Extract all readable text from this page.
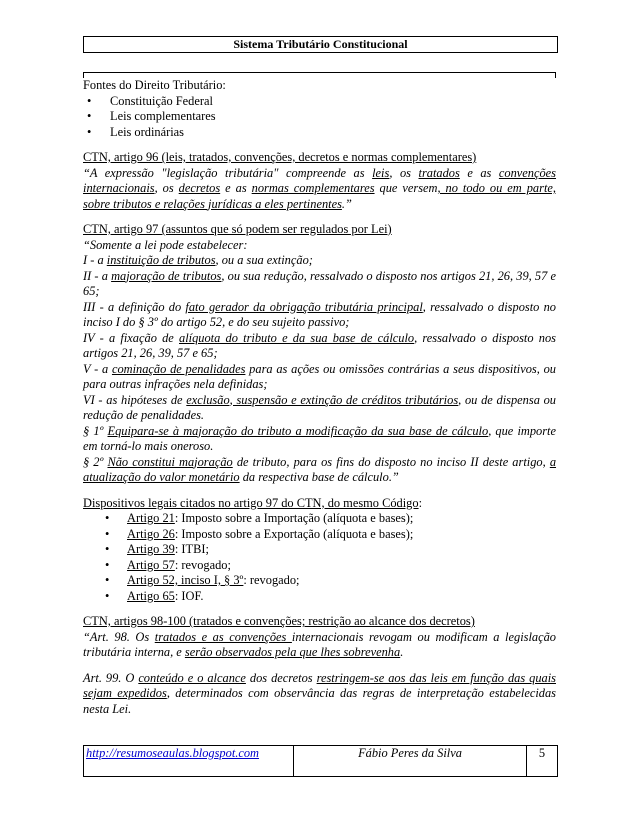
Sistema Tributário Constitucional

Fontes do Direito Tributário:

• Constituição Federal
• Leis complementares
• Leis ordinárias

CTN, artigo 96 (leis, tratados, convenções, decretos e normas complementares)

“A expressão "legislação tributária" compreende as leis, os tratados e as convenções internacionais, os decretos e as normas complementares que versem, no todo ou em parte, sobre tributos e relações jurídicas a eles pertinentes.”

CTN, artigo 97 (assuntos que só podem ser regulados por Lei)

“Somente a lei pode estabelecer:

I - a instituição de tributos, ou a sua extinção;

II - a majoração de tributos, ou sua redução, ressalvado o disposto nos artigos 21, 26, 39, 57 e 65;

III - a definição do fato gerador da obrigação tributária principal, ressalvado o disposto no inciso I do § 3º do artigo 52, e do seu sujeito passivo;

IV - a fixação de alíquota do tributo e da sua base de cálculo, ressalvado o disposto nos artigos 21, 26, 39, 57 e 65;

V - a cominação de penalidades para as ações ou omissões contrárias a seus dispositivos, ou para outras infrações nela definidas;

VI - as hipóteses de exclusão, suspensão e extinção de créditos tributários, ou de dispensa ou redução de penalidades.

§ 1º Equipara-se à majoração do tributo a modificação da sua base de cálculo, que importe em torná-lo mais oneroso.

§ 2º Não constitui majoração de tributo, para os fins do disposto no inciso II deste artigo, a atualização do valor monetário da respectiva base de cálculo.”

Dispositivos legais citados no artigo 97 do CTN, do mesmo Código:

• Artigo 21: Imposto sobre a Importação (alíquota e bases);
• Artigo 26: Imposto sobre a Exportação (alíquota e bases);
• Artigo 39: ITBI;
• Artigo 57: revogado;
• Artigo 52, inciso I, § 3º: revogado;
• Artigo 65: IOF.

CTN, artigos 98-100 (tratados e convenções; restrição ao alcance dos decretos)

“Art. 98. Os tratados e as convenções internacionais revogam ou modificam a legislação tributária interna, e serão observados pela que lhes sobrevenha.

Art. 99. O conteúdo e o alcance dos decretos restringem-se aos das leis em função das quais sejam expedidos, determinados com observância das regras de interpretação estabelecidas nesta Lei.

http://resumoseaulas.blogspot.com	Fábio Peres da Silva	5
